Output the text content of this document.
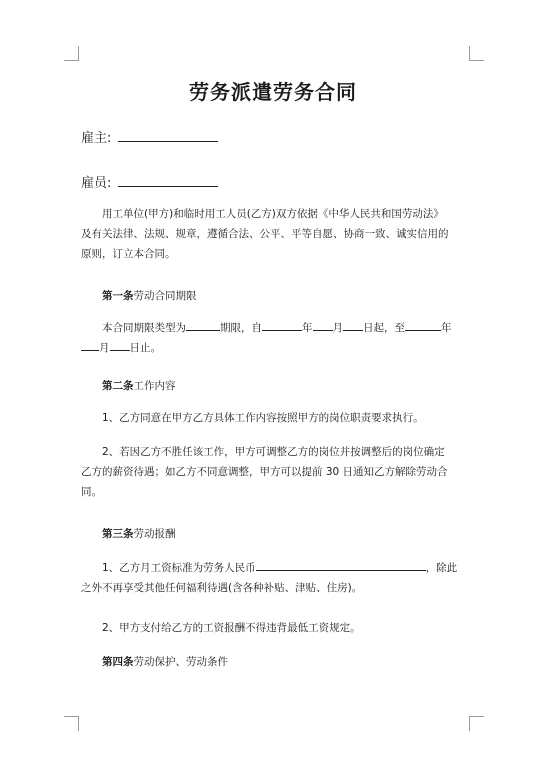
劳务派遣劳务合同
雇主:
雇员:
用工单位(甲方)和临时用工人员(乙方)双方依据《中华人民共和国劳动法》
及有关法律、法规、规章，遵循合法、公平、平等自愿、协商一致、诚实信用的
原则，订立本合同。
第一条劳动合同期限
本合同期限类型为	期限，自	年 月 日起，至	年
月 日止。
第二条工作内容
1、乙方同意在甲方乙方具体工作内容按照甲方的岗位职责要求执行。
2、若因乙方不胜任该工作，甲方可调整乙方的岗位并按调整后的岗位确定
乙方的薪资待遇；如乙方不同意调整，甲方可以提前 30 日通知乙方解除劳动合
同。
第三条劳动报酬
1、乙方月工资标准为劳务人民币	，除此
之外不再享受其他任何福利待遇(含各种补贴、津贴、住房)。
2、甲方支付给乙方的工资报酬不得违背最低工资规定。
第四条劳动保护、劳动条件
